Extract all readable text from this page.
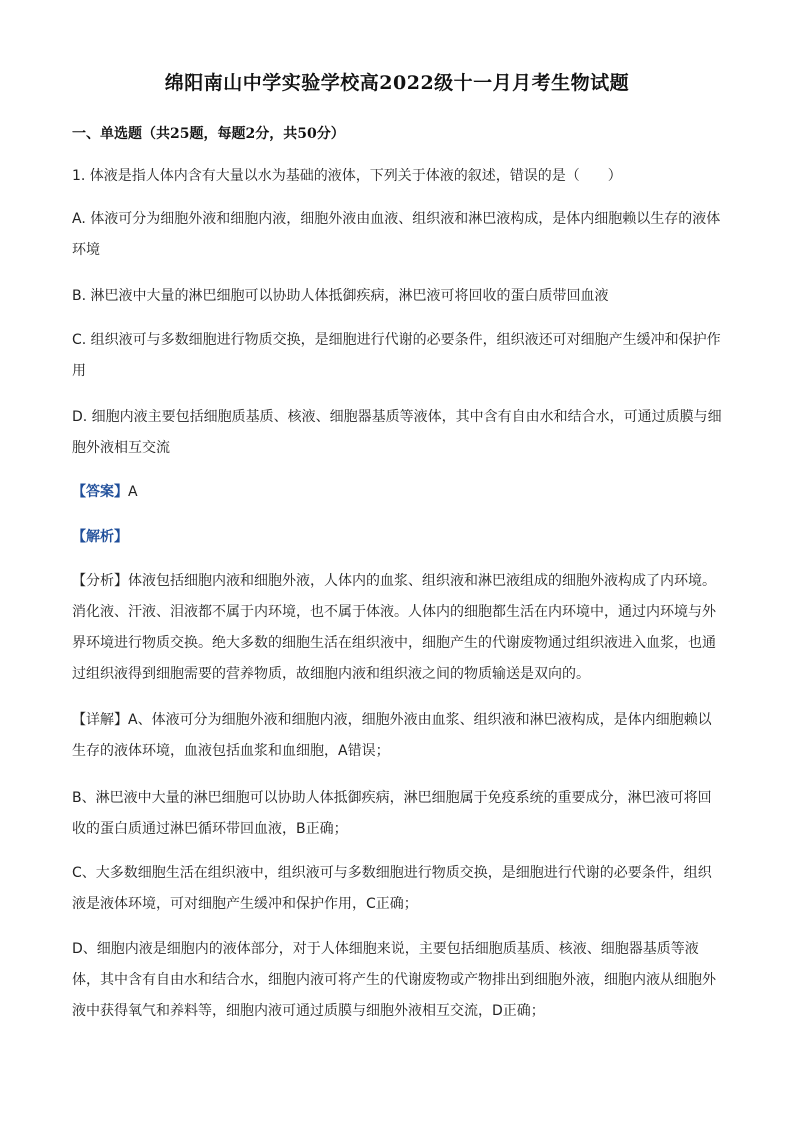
绵阳南山中学实验学校高2022级十一月月考生物试题
一、单选题（共25题，每题2分，共50分）

1. 体液是指人体内含有大量以水为基础的液体，下列关于体液的叙述，错误的是（　　）

A. 体液可分为细胞外液和细胞内液，细胞外液由血液、组织液和淋巴液构成，是体内细胞赖以生存的液体环境

B. 淋巴液中大量的淋巴细胞可以协助人体抵御疾病，淋巴液可将回收的蛋白质带回血液

C. 组织液可与多数细胞进行物质交换，是细胞进行代谢的必要条件，组织液还可对细胞产生缓冲和保护作用

D. 细胞内液主要包括细胞质基质、核液、细胞器基质等液体，其中含有自由水和结合水，可通过质膜与细胞外液相互交流

【答案】A

【解析】

【分析】体液包括细胞内液和细胞外液，人体内的血浆、组织液和淋巴液组成的细胞外液构成了内环境。消化液、汗液、泪液都不属于内环境，也不属于体液。人体内的细胞都生活在内环境中，通过内环境与外界环境进行物质交换。绝大多数的细胞生活在组织液中，细胞产生的代谢废物通过组织液进入血浆，也通过组织液得到细胞需要的营养物质，故细胞内液和组织液之间的物质输送是双向的。

【详解】A、体液可分为细胞外液和细胞内液，细胞外液由血浆、组织液和淋巴液构成，是体内细胞赖以生存的液体环境，血液包括血浆和血细胞，A错误；

B、淋巴液中大量的淋巴细胞可以协助人体抵御疾病，淋巴细胞属于免疫系统的重要成分，淋巴液可将回收的蛋白质通过淋巴循环带回血液，B正确；

C、大多数细胞生活在组织液中，组织液可与多数细胞进行物质交换，是细胞进行代谢的必要条件，组织液是液体环境，可对细胞产生缓冲和保护作用，C正确；

D、细胞内液是细胞内的液体部分，对于人体细胞来说，主要包括细胞质基质、核液、细胞器基质等液体，其中含有自由水和结合水，细胞内液可将产生的代谢废物或产物排出到细胞外液，细胞内液从细胞外液中获得氧气和养料等，细胞内液可通过质膜与细胞外液相互交流，D正确；
